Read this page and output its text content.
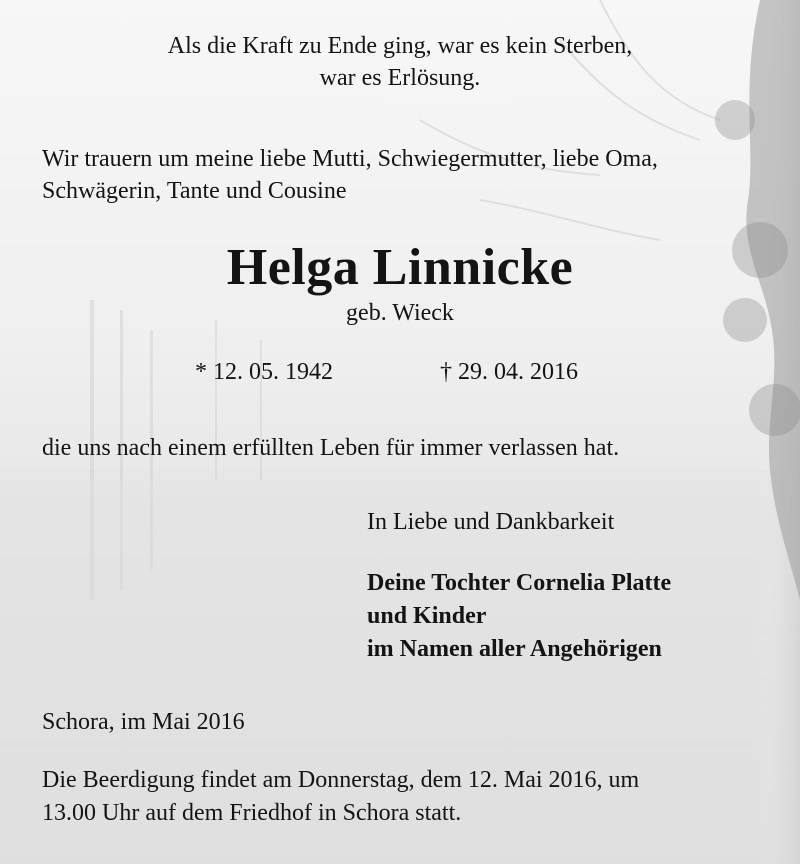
Als die Kraft zu Ende ging, war es kein Sterben,

war es Erlösung.

Wir trauern um meine liebe Mutti, Schwiegermutter, liebe Oma,

Schwägerin, Tante und Cousine

Helga Linnicke

geb. Wieck

* 12. 05. 1942	† 29. 04. 2016

die uns nach einem erfüllten Leben für immer verlassen hat.

In Liebe und Dankbarkeit

Deine Tochter Cornelia Platte

und Kinder

im Namen aller Angehörigen

Schora, im Mai 2016

Die Beerdigung findet am Donnerstag, dem 12. Mai 2016, um

13.00 Uhr auf dem Friedhof in Schora statt.
